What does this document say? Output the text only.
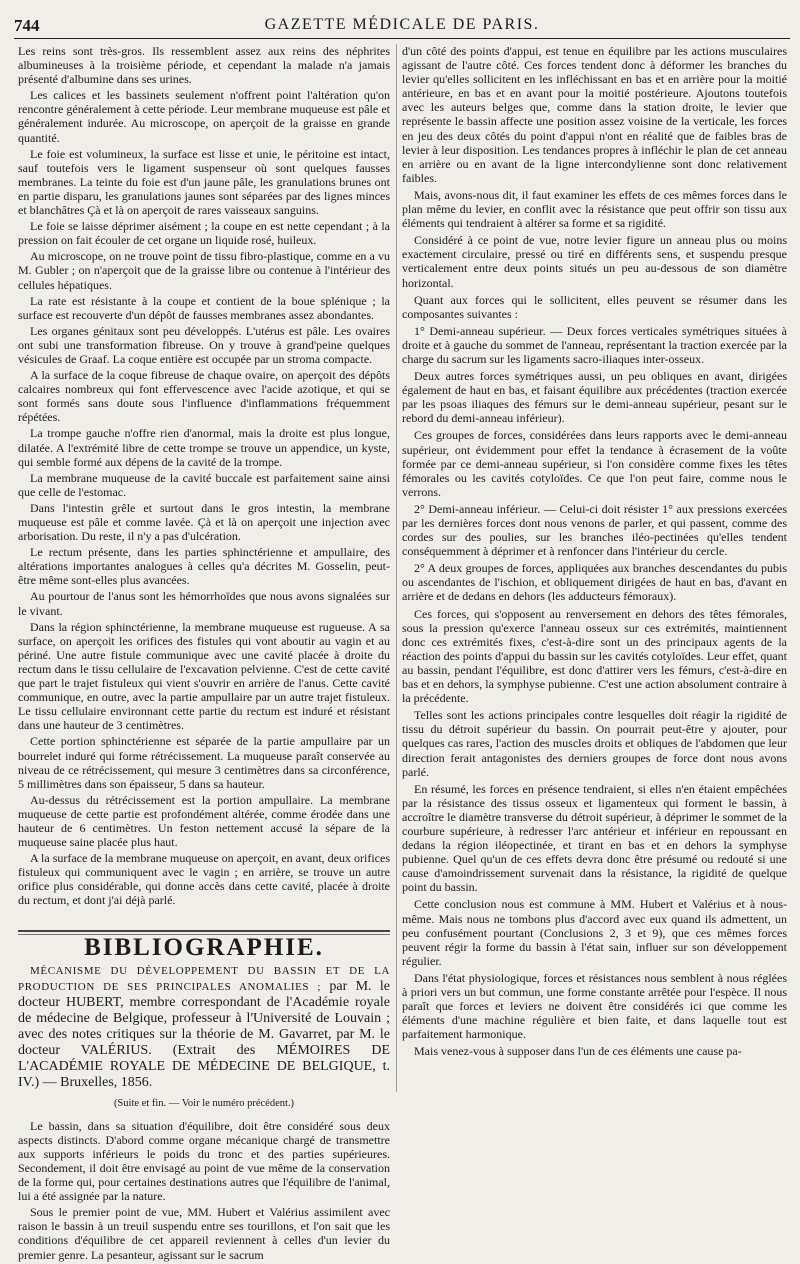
744	GAZETTE MÉDICALE DE PARIS.

Les reins sont très-gros. Ils ressemblent assez aux reins des néphrites albumineuses à la troisième période, et cependant la malade n'a jamais présenté d'albumine dans ses urines.

Les calices et les bassinets seulement n'offrent point l'altération qu'on rencontre généralement à cette période. Leur membrane muqueuse est pâle et généralement indurée. Au microscope, on aperçoit de la graisse en grande quantité.

Le foie est volumineux, la surface est lisse et unie, le péritoine est intact, sauf toutefois vers le ligament suspenseur où sont quelques fausses membranes. La teinte du foie est d'un jaune pâle, les granulations brunes ont en partie disparu, les granulations jaunes sont séparées par des lignes minces et blanchâtres Çà et là on aperçoit de rares vaisseaux sanguins.

Le foie se laisse déprimer aisément ; la coupe en est nette cependant ; à la pression on fait écouler de cet organe un liquide rosé, huileux.

Au microscope, on ne trouve point de tissu fibro-plastique, comme en a vu M. Gubler ; on n'aperçoit que de la graisse libre ou contenue à l'intérieur des cellules hépatiques.

La rate est résistante à la coupe et contient de la boue splénique ; la surface est recouverte d'un dépôt de fausses membranes assez abondantes.

Les organes génitaux sont peu développés. L'utérus est pâle. Les ovaires ont subi une transformation fibreuse. On y trouve à grand'peine quelques vésicules de Graaf. La coque entière est occupée par un stroma compacte.

A la surface de la coque fibreuse de chaque ovaire, on aperçoit des dépôts calcaires nombreux qui font effervescence avec l'acide azotique, et qui se sont formés sans doute sous l'influence d'inflammations fréquemment répétées.

La trompe gauche n'offre rien d'anormal, mais la droite est plus longue, dilatée. A l'extrémité libre de cette trompe se trouve un appendice, un kyste, qui semble formé aux dépens de la cavité de la trompe.

La membrane muqueuse de la cavité buccale est parfaitement saine ainsi que celle de l'estomac.

Dans l'intestin grêle et surtout dans le gros intestin, la membrane muqueuse est pâle et comme lavée. Çà et là on aperçoit une injection avec arborisation. Du reste, il n'y a pas d'ulcération.

Le rectum présente, dans les parties sphinctérienne et ampullaire, des altérations importantes analogues à celles qu'a décrites M. Gosselin, peut-être même sont-elles plus avancées.

Au pourtour de l'anus sont les hémorrhoïdes que nous avons signalées sur le vivant.

Dans la région sphinctérienne, la membrane muqueuse est rugueuse. A sa surface, on aperçoit les orifices des fistules qui vont aboutir au vagin et au périné. Une autre fistule communique avec une cavité placée à droite du rectum dans le tissu cellulaire de l'excavation pelvienne. C'est de cette cavité que part le trajet fistuleux qui vient s'ouvrir en arrière de l'anus. Cette cavité communique, en outre, avec la partie ampullaire par un autre trajet fistuleux. Le tissu cellulaire environnant cette partie du rectum est induré et résistant dans une hauteur de 3 centimètres.

Cette portion sphinctérienne est séparée de la partie ampullaire par un bourrelet induré qui forme rétrécissement. La muqueuse paraît conservée au niveau de ce rétrécissement, qui mesure 3 centimètres dans sa circonférence, 5 millimètres dans son épaisseur, 5 dans sa hauteur.

Au-dessus du rétrécissement est la portion ampullaire. La membrane muqueuse de cette partie est profondément altérée, comme érodée dans une hauteur de 6 centimètres. Un feston nettement accusé la sépare de la muqueuse saine placée plus haut.

A la surface de la membrane muqueuse on aperçoit, en avant, deux orifices fistuleux qui communiquent avec le vagin ; en arrière, se trouve un autre orifice plus considérable, qui donne accès dans cette cavité, placée à droite du rectum, et dont j'ai déjà parlé.

BIBLIOGRAPHIE.

MÉCANISME DU DÉVELOPPEMENT DU BASSIN ET DE LA PRODUCTION DE SES PRINCIPALES ANOMALIES ; par M. le docteur HUBERT, membre correspondant de l'Académie royale de médecine de Belgique, professeur à l'Université de Louvain ; avec des notes critiques sur la théorie de M. Gavarret, par M. le docteur VALÉRIUS. (Extrait des MÉMOIRES DE L'ACADÉMIE ROYALE DE MÉDECINE DE BELGIQUE, t. IV.) — Bruxelles, 1856.

(Suite et fin. — Voir le numéro précédent.)

Le bassin, dans sa situation d'équilibre, doit être considéré sous deux aspects distincts. D'abord comme organe mécanique chargé de transmettre aux supports inférieurs le poids du tronc et des parties supérieures. Secondement, il doit être envisagé au point de vue même de la conservation de la forme qui, pour certaines destinations autres que l'équilibre de l'animal, lui a été assignée par la nature.

Sous le premier point de vue, MM. Hubert et Valérius assimilent avec raison le bassin à un treuil suspendu entre ses tourillons, et l'on sait que les conditions d'équilibre de cet appareil reviennent à celles d'un levier du premier genre. La pesanteur, agissant sur le sacrum

d'un côté des points d'appui, est tenue en équilibre par les actions musculaires agissant de l'autre côté. Ces forces tendent donc à déformer les branches du levier qu'elles sollicitent en les infléchissant en bas et en arrière pour la moitié antérieure, en bas et en avant pour la moitié postérieure. Ajoutons toutefois avec les auteurs belges que, comme dans la station droite, le levier que représente le bassin affecte une position assez voisine de la verticale, les forces en jeu des deux côtés du point d'appui n'ont en réalité que de faibles bras de levier à leur disposition. Les tendances propres à infléchir le plan de cet anneau en arrière ou en avant de la ligne intercondylienne sont donc relativement faibles.

Mais, avons-nous dit, il faut examiner les effets de ces mêmes forces dans le plan même du levier, en conflit avec la résistance que peut offrir son tissu aux éléments qui tendraient à altérer sa forme et sa rigidité.

Considéré à ce point de vue, notre levier figure un anneau plus ou moins exactement circulaire, pressé ou tiré en différents sens, et suspendu presque verticalement entre deux points situés un peu au-dessous de son diamètre horizontal.

Quant aux forces qui le sollicitent, elles peuvent se résumer dans les composantes suivantes :

1° Demi-anneau supérieur. — Deux forces verticales symétriques situées à droite et à gauche du sommet de l'anneau, représentant la traction exercée par la charge du sacrum sur les ligaments sacro-iliaques inter-osseux.

Deux autres forces symétriques aussi, un peu obliques en avant, dirigées également de haut en bas, et faisant équilibre aux précédentes (traction exercée par les psoas iliaques des fémurs sur le demi-anneau supérieur, pesant sur le rebord du demi-anneau inférieur).

Ces groupes de forces, considérées dans leurs rapports avec le demi-anneau supérieur, ont évidemment pour effet la tendance à écrasement de la voûte formée par ce demi-anneau supérieur, si l'on considère comme fixes les têtes fémorales ou les cavités cotyloïdes. Ce que l'on peut faire, comme nous le verrons.

2° Demi-anneau inférieur. — Celui-ci doit résister 1° aux pressions exercées par les dernières forces dont nous venons de parler, et qui passent, comme des cordes sur des poulies, sur les branches iléo-pectinées qu'elles tendent conséquemment à déprimer et à renfoncer dans l'intérieur du cercle.

2° A deux groupes de forces, appliquées aux branches descendantes du pubis ou ascendantes de l'ischion, et obliquement dirigées de haut en bas, d'avant en arrière et de dedans en dehors (les adducteurs fémoraux).

Ces forces, qui s'opposent au renversement en dehors des têtes fémorales, sous la pression qu'exerce l'anneau osseux sur ces extrémités, maintiennent donc ces extrémités fixes, c'est-à-dire sont un des principaux agents de la réaction des points d'appui du bassin sur les cavités cotyloïdes. Leur effet, quant au bassin, pendant l'équilibre, est donc d'attirer vers les fémurs, c'est-à-dire en bas et en dehors, la symphyse pubienne. C'est une action absolument contraire à la précédente.

Telles sont les actions principales contre lesquelles doit réagir la rigidité de tissu du détroit supérieur du bassin. On pourrait peut-être y ajouter, pour quelques cas rares, l'action des muscles droits et obliques de l'abdomen que leur direction ferait antagonistes des derniers groupes de force dont nous avons parlé.

En résumé, les forces en présence tendraient, si elles n'en étaient empêchées par la résistance des tissus osseux et ligamenteux qui forment le bassin, à accroître le diamètre transverse du détroit supérieur, à déprimer le sommet de la courbure supérieure, à redresser l'arc antérieur et inférieur en repoussant en dedans la région iléopectinée, et tirant en bas et en dehors la symphyse pubienne. Quel qu'un de ces effets devra donc être présumé ou redouté si une cause d'amoindrissement survenait dans la résistance, la rigidité de quelque point du bassin.

Cette conclusion nous est commune à MM. Hubert et Valérius et à nous-même. Mais nous ne tombons plus d'accord avec eux quand ils admettent, un peu confusément pourtant (Conclusions 2, 3 et 9), que ces mêmes forces peuvent régir la forme du bassin à l'état sain, influer sur son développement régulier.

Dans l'état physiologique, forces et résistances nous semblent à nous réglées à priori vers un but commun, une forme constante arrêtée pour l'espèce. Il nous paraît que forces et leviers ne doivent être considérés ici que comme les éléments d'une machine régulière et bien faite, et dans laquelle tout est parfaitement harmonique.

Mais venez-vous à supposer dans l'un de ces éléments une cause pa-
